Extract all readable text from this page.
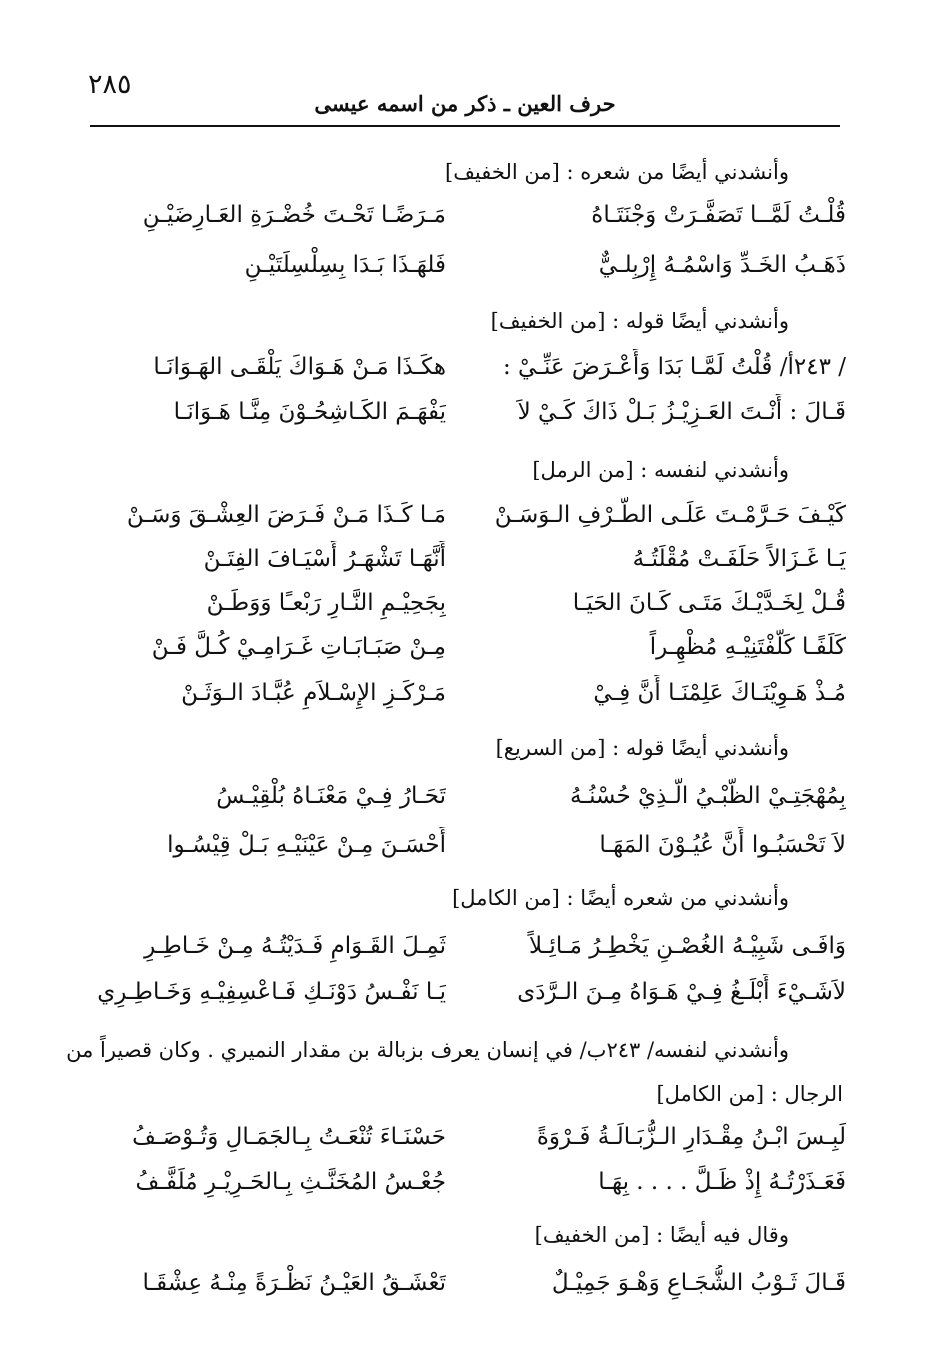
٢٨٥
حرف العين ـ ذكر من اسمه عيسى
وأنشدني أيضًا من شعره : [من الخفيف]
قُلْـتُ لَمَّــا تَصَفَّـرَتْ وَجْنَتَـاهُ
مَـرَضًـا تَحْـتَ خُضْـرَةِ العَـارِضَيْـنِ
ذَهَـبُ الخَـدِّ وَاسْمُـهُ إِرْبِلـيٌّ
فَلهَـذَا بَـدَا بِسِلْسِلَتَيْـنِ
وأنشدني أيضًا قوله : [من الخفيف]
/ ٢٤٣أ/ قُلْتُ لَمَّـا بَدَا وَأَعْـرَضَ عَنِّـيْ :
هكَـذَا مَـنْ هَـوَاكَ يَلْقَـى الهَـوَانَـا
قَـالَ : أَنْـتَ العَـزِيْـزُ بَـلْ ذَاكَ كَـيْ لاَ
يَفْهَـمَ الكَـاشِحُـوْنَ مِنَّـا هَـوَانَـا
وأنشدني لنفسه : [من الرمل]
كَيْـفَ حَـرَّمْـتَ عَلَـى الطَّـرْفِ الـوَسَـنْ
مَـا كَـذَا مَـنْ فَـرَضَ العِشْـقَ وَسَـنْ
يَـا غَـزَالاً حَلَفَـتْ مُقْلَتُـهُ
أَنَّهَـا تَشْهَـرُ أَسْيَـافَ الفِتَـنْ
قُـلْ لِخَـدَّيْـكَ مَتَـى كَـانَ الحَيَـا
بِجَحِيْـمِ النَّـارِ رَبْعـًا وَوَطَـنْ
كَلَفًـا كَلَّفْتَنِيْـهِ مُظْهِـراً
مِـنْ صَبَـابَـاتِ غَـرَامِـيْ كُـلَّ فَـنْ
مُـذْ هَـوِيْنَـاكَ عَلِمْنَـا أَنَّ فِـيْ
مَـرْكَـزِ الإِسْـلاَمِ عُبَّـادَ الـوَثَـنْ
وأنشدني أيضًا قوله : [من السريع]
بِمُهْجَتِـيْ الظَّبْـيُ الَّـذِيْ حُسْنُـهُ
تَحَـارُ فِـيْ مَعْنَـاهُ بُلْقِيْـسُ
لاَ تَحْسَبُـوا أَنَّ عُيُـوْنَ المَهَـا
أَحْسَـنَ مِـنْ عَيْنَيْـهِ بَـلْ قِيْسُـوا
وأنشدني من شعره أيضًا : [من الكامل]
وَافَـى شَبِيْـهُ الغُصْـنِ يَخْطِـرُ مَـائِـلاً
ثَمِـلَ القَـوَامِ فَـدَيْتُـهُ مِـنْ خَـاطِـرِ
لاَشَـيْءَ أَبْلَـغُ فِـيْ هَـوَاهُ مِـنَ الـرَّدَى
يَـا نَفْـسُ دَوْنَـكِ فَـاعْسِفِيْـهِ وَخَـاطِـرِي
وأنشدني لنفسه/ ٢٤٣ب/ في إنسان يعرف بزبالة بن مقدار النميري . وكان قصيراً من
الرجال : [من الكامل]
لَبِـسَ ابْـنُ مِقْـدَارِ الـزُّبَـالَـةُ فَـرْوَةً
حَسْنَـاءَ تُنْعَـتُ بِـالجَمَـالِ وَتُـوْصَـفُ
فَعَـذَرْتُـهُ إِذْ ظَـلَّ . . . . بِهَـا
جُعْـسُ المُخَنَّـثِ بِـالحَـرِيْـرِ مُلَفَّـفُ
وقال فيه أيضًا : [من الخفيف]
قَـالَ ثَـوْبُ الشُّجَـاعِ وَهْـوَ جَمِيْـلٌ
تَعْشَـقُ العَيْـنُ نَظْـرَةً مِنْـهُ عِشْقَـا
